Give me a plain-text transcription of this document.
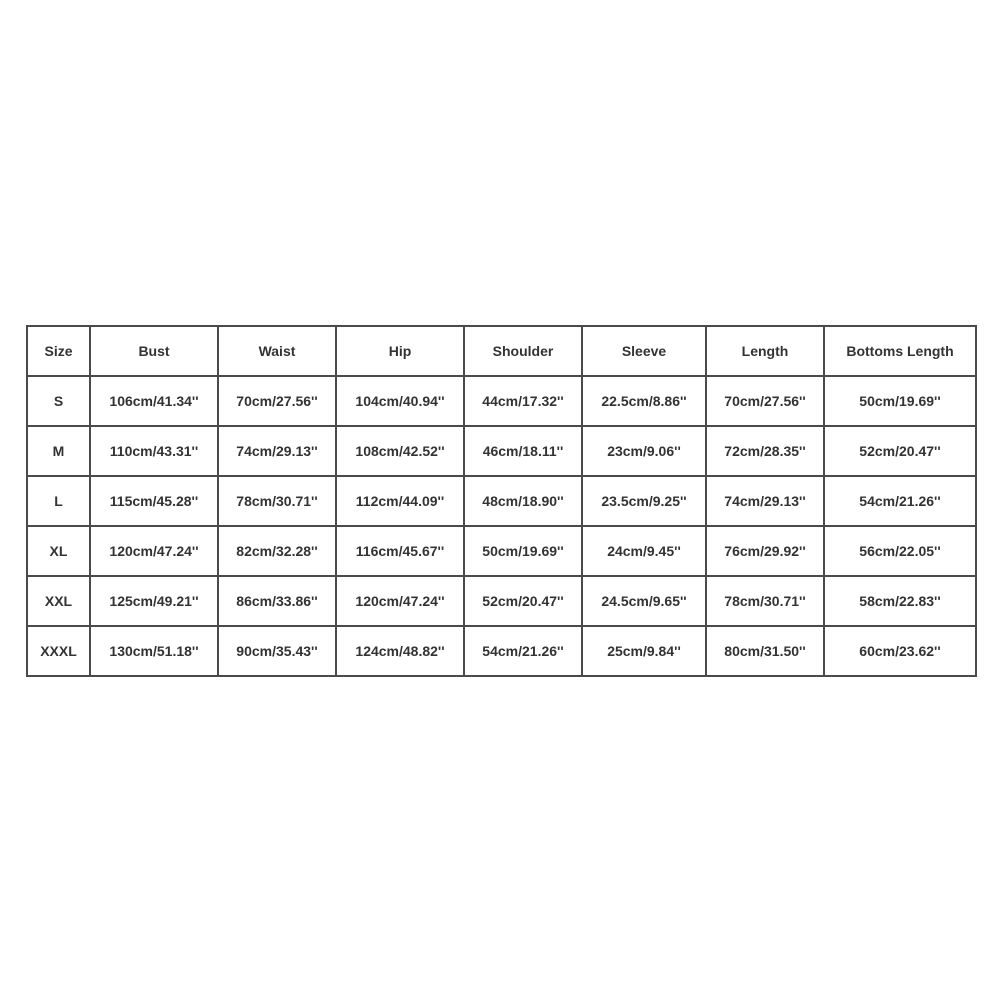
Size	Bust	Waist	Hip	Shoulder	Sleeve	Length	Bottoms Length
S	106cm/41.34''	70cm/27.56''	104cm/40.94''	44cm/17.32''	22.5cm/8.86''	70cm/27.56''	50cm/19.69''
M	110cm/43.31''	74cm/29.13''	108cm/42.52''	46cm/18.11''	23cm/9.06''	72cm/28.35''	52cm/20.47''
L	115cm/45.28''	78cm/30.71''	112cm/44.09''	48cm/18.90''	23.5cm/9.25''	74cm/29.13''	54cm/21.26''
XL	120cm/47.24''	82cm/32.28''	116cm/45.67''	50cm/19.69''	24cm/9.45''	76cm/29.92''	56cm/22.05''
XXL	125cm/49.21''	86cm/33.86''	120cm/47.24''	52cm/20.47''	24.5cm/9.65''	78cm/30.71''	58cm/22.83''
XXXL	130cm/51.18''	90cm/35.43''	124cm/48.82''	54cm/21.26''	25cm/9.84''	80cm/31.50''	60cm/23.62''
